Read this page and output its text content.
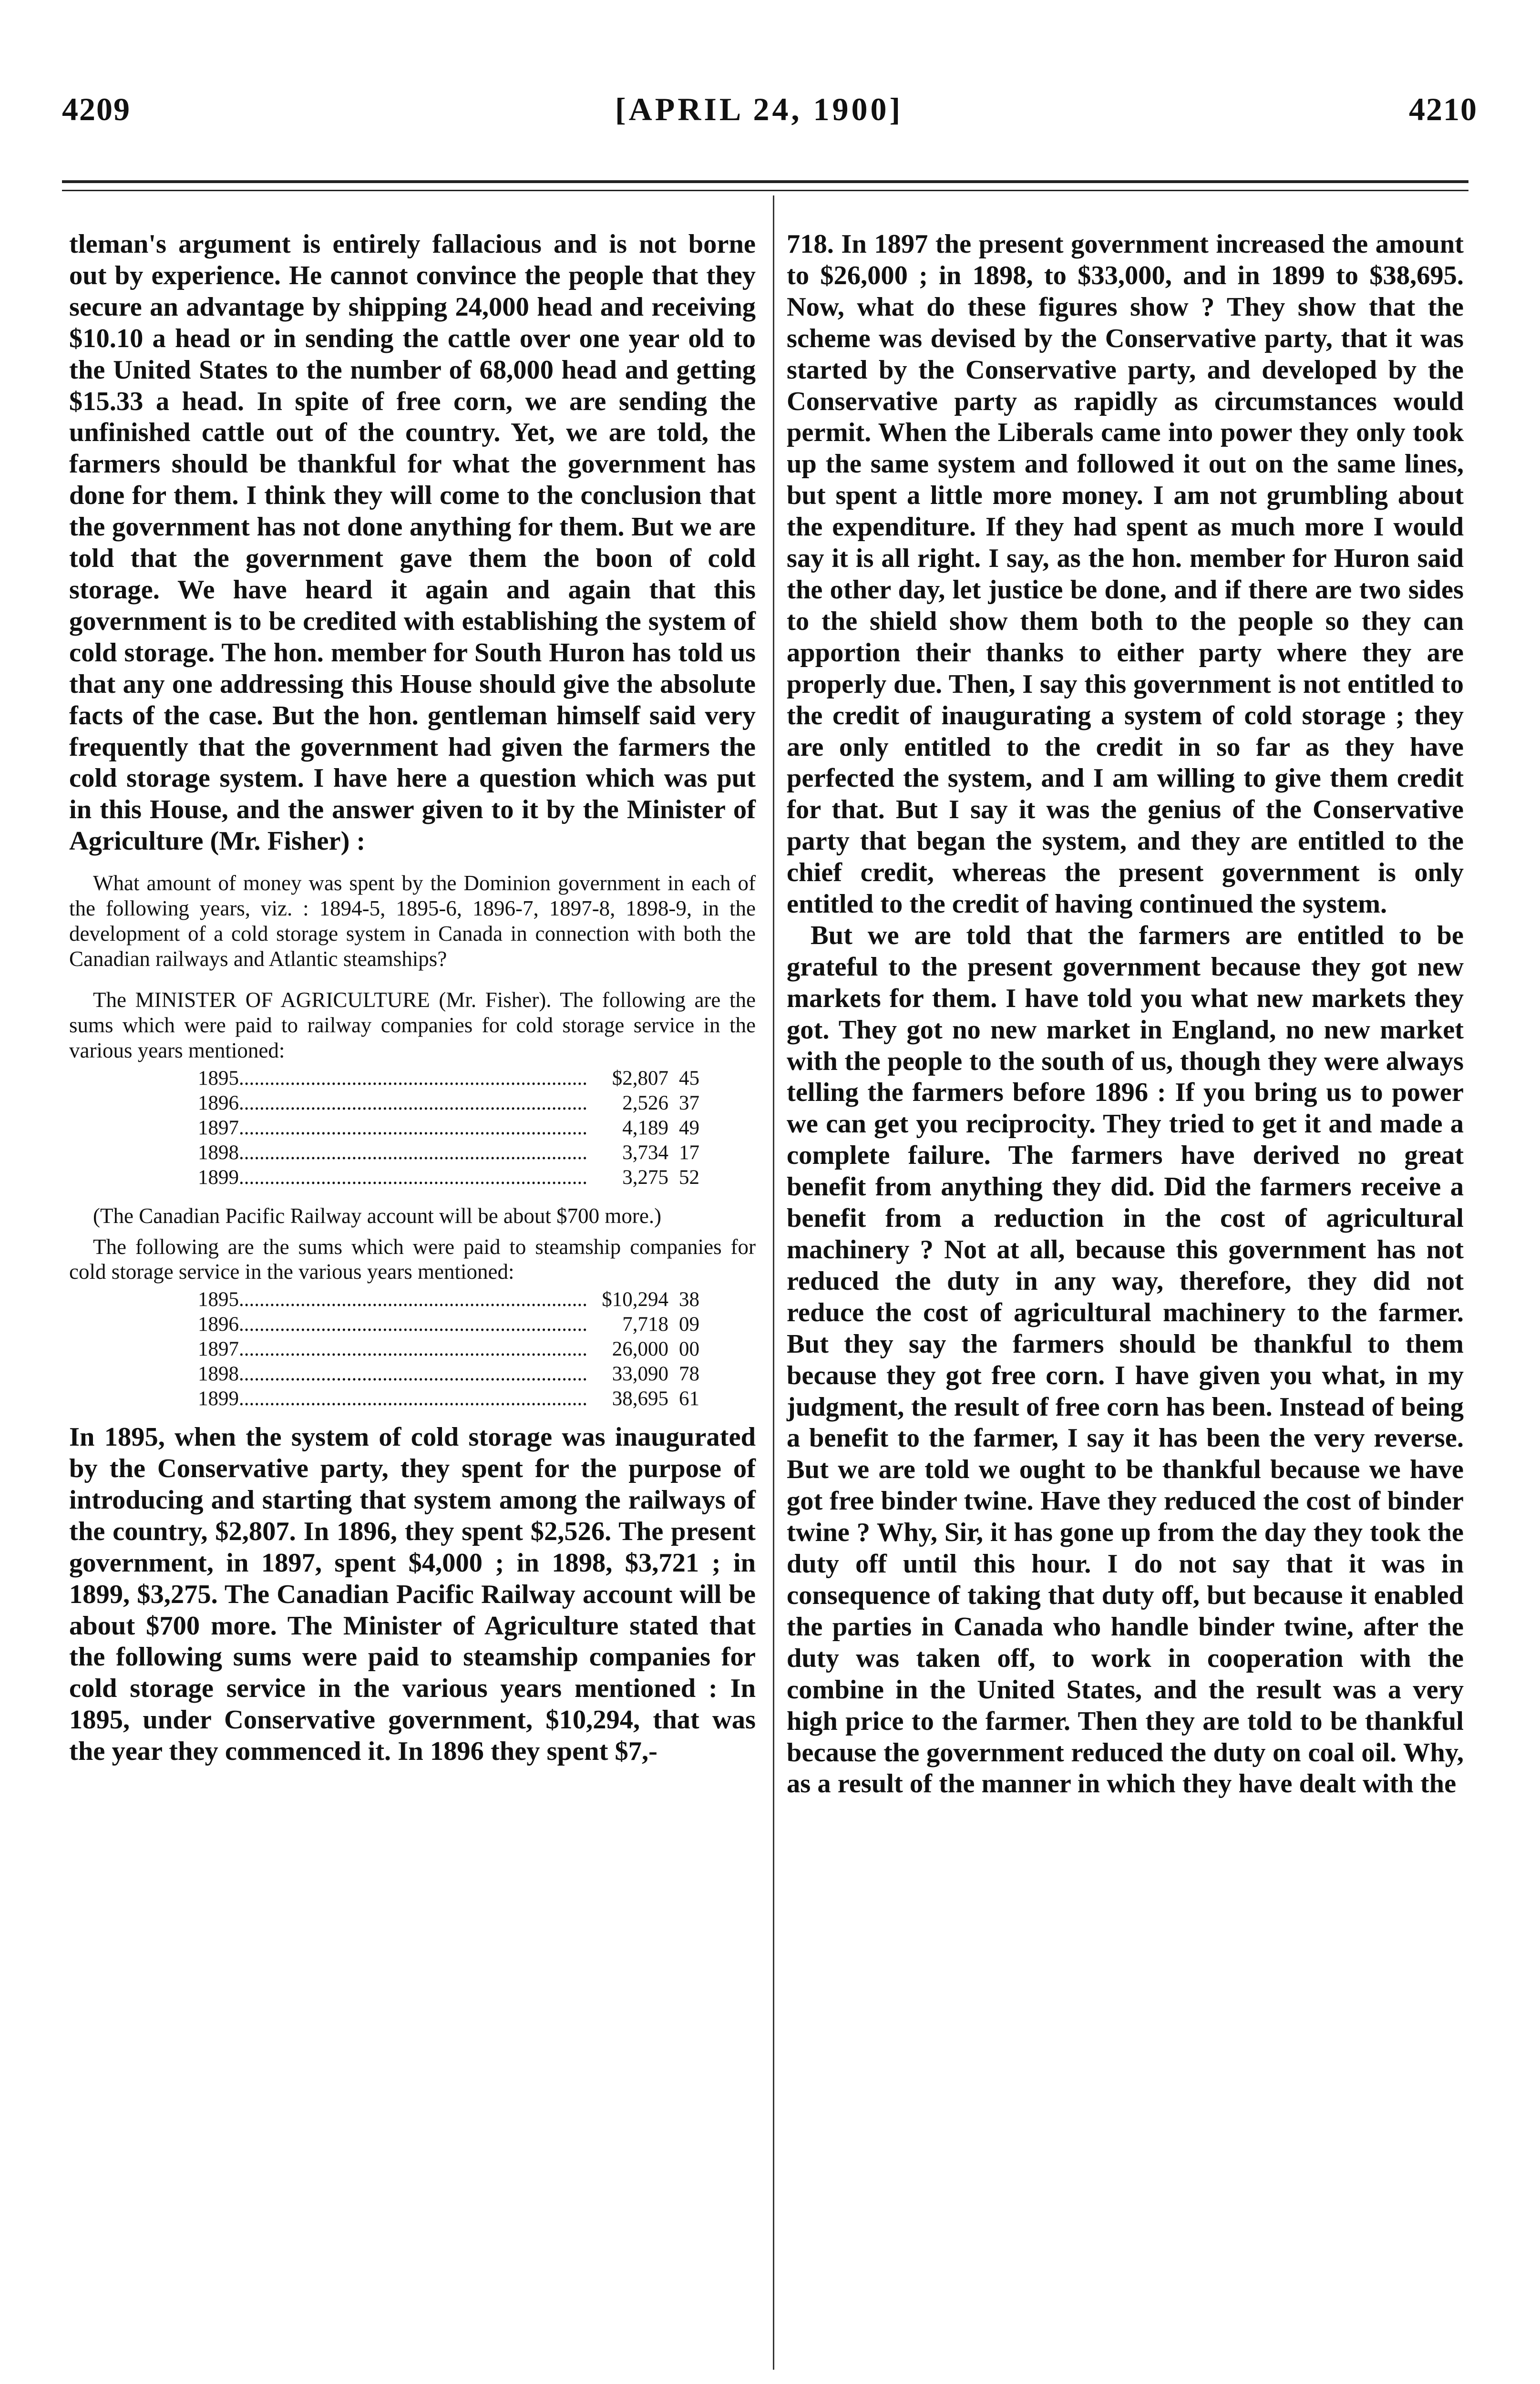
4209	[APRIL 24, 1900]	4210

tleman's argument is entirely fallacious and is not borne out by experience. He cannot convince the people that they secure an advantage by shipping 24,000 head and receiving $10.10 a head or in sending the cattle over one year old to the United States to the number of 68,000 head and getting $15.33 a head. In spite of free corn, we are sending the unfinished cattle out of the country. Yet, we are told, the farmers should be thankful for what the government has done for them. I think they will come to the conclusion that the government has not done anything for them. But we are told that the government gave them the boon of cold storage. We have heard it again and again that this government is to be credited with establishing the system of cold storage. The hon. member for South Huron has told us that any one addressing this House should give the absolute facts of the case. But the hon. gentleman himself said very frequently that the government had given the farmers the cold storage system. I have here a question which was put in this House, and the answer given to it by the Minister of Agriculture (Mr. Fisher) :

What amount of money was spent by the Dominion government in each of the following years, viz. : 1894-5, 1895-6, 1896-7, 1897-8, 1898-9, in the development of a cold storage system in Canada in connection with both the Canadian railways and Atlantic steamships?

The MINISTER OF AGRICULTURE (Mr. Fisher). The following are the sums which were paid to railway companies for cold storage service in the various years mentioned:

1895 .....	$2,807	45
1896 .....	2,526	37
1897 .....	4,189	49
1898 .....	3,734	17
1899 .....	3,275	52

(The Canadian Pacific Railway account will be about $700 more.)

The following are the sums which were paid to steamship companies for cold storage service in the various years mentioned:

1895 .....	$10,294	38
1896 .....	7,718	09
1897 .....	26,000	00
1898 .....	33,090	78
1899 .....	38,695	61

In 1895, when the system of cold storage was inaugurated by the Conservative party, they spent for the purpose of introducing and starting that system among the railways of the country, $2,807. In 1896, they spent $2,526. The present government, in 1897, spent $4,000 ; in 1898, $3,721 ; in 1899, $3,275. The Canadian Pacific Railway account will be about $700 more. The Minister of Agriculture stated that the following sums were paid to steamship companies for cold storage service in the various years mentioned : In 1895, under Conservative government, $10,294, that was the year they commenced it. In 1896 they spent $7,-

718. In 1897 the present government increased the amount to $26,000 ; in 1898, to $33,000, and in 1899 to $38,695. Now, what do these figures show ? They show that the scheme was devised by the Conservative party, that it was started by the Conservative party, and developed by the Conservative party as rapidly as circumstances would permit. When the Liberals came into power they only took up the same system and followed it out on the same lines, but spent a little more money. I am not grumbling about the expenditure. If they had spent as much more I would say it is all right. I say, as the hon. member for Huron said the other day, let justice be done, and if there are two sides to the shield show them both to the people so they can apportion their thanks to either party where they are properly due. Then, I say this government is not entitled to the credit of inaugurating a system of cold storage ; they are only entitled to the credit in so far as they have perfected the system, and I am willing to give them credit for that. But I say it was the genius of the Conservative party that began the system, and they are entitled to the chief credit, whereas the present government is only entitled to the credit of having continued the system.

But we are told that the farmers are entitled to be grateful to the present government because they got new markets for them. I have told you what new markets they got. They got no new market in England, no new market with the people to the south of us, though they were always telling the farmers before 1896 : If you bring us to power we can get you reciprocity. They tried to get it and made a complete failure. The farmers have derived no great benefit from anything they did. Did the farmers receive a benefit from a reduction in the cost of agricultural machinery ? Not at all, because this government has not reduced the duty in any way, therefore, they did not reduce the cost of agricultural machinery to the farmer. But they say the farmers should be thankful to them because they got free corn. I have given you what, in my judgment, the result of free corn has been. Instead of being a benefit to the farmer, I say it has been the very reverse. But we are told we ought to be thankful because we have got free binder twine. Have they reduced the cost of binder twine ? Why, Sir, it has gone up from the day they took the duty off until this hour. I do not say that it was in consequence of taking that duty off, but because it enabled the parties in Canada who handle binder twine, after the duty was taken off, to work in cooperation with the combine in the United States, and the result was a very high price to the farmer. Then they are told to be thankful because the government reduced the duty on coal oil. Why, as a result of the manner in which they have dealt with the
